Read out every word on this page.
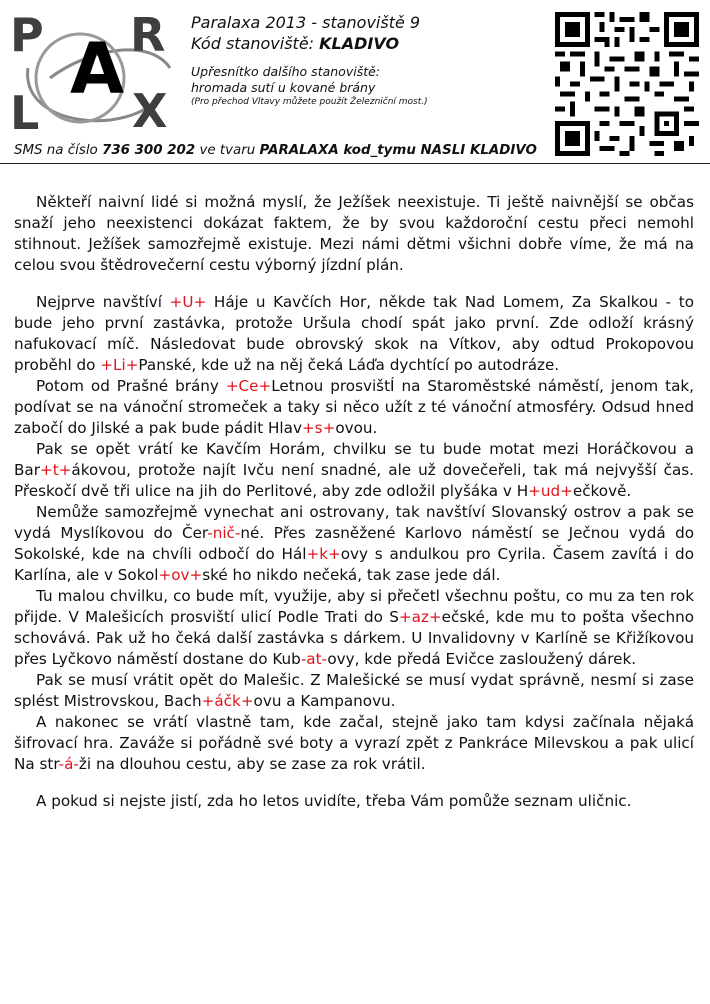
P R
L X
A
Paralaxa 2013 - stanoviště 9
Kód stanoviště: KLADIVO
Upřesnítko dalšího stanoviště:
hromada sutí u kované brány
(Pro přechod Vltavy můžete použít Železniční most.)
SMS na číslo 736 300 202 ve tvaru PARALAXA kod_tymu NASLI KLADIVO

Někteří naivní lidé si možná myslí, že Ježíšek neexistuje. Ti ještě naivnější se občas snaží jeho neexistenci dokázat faktem, že by svou každoroční cestu přeci nemohl stihnout. Ježíšek samozřejmě existuje. Mezi námi dětmi všichni dobře víme, že má na celou svou štědrovečerní cestu výborný jízdní plán.

Nejprve navštíví +U+ Háje u Kavčích Hor, někde tak Nad Lomem, Za Skalkou - to bude jeho první zastávka, protože Uršula chodí spát jako první. Zde odloží krásný nafukovací míč. Následovat bude obrovský skok na Vítkov, aby odtud Prokopovou proběhl do +Li+Panské, kde už na něj čeká Láďa dychtící po autodráze.

Potom od Prašné brány +Ce+Letnou prosvištÍ na Staroměstské náměstí, jenom tak, podívat se na vánoční stromeček a taky si něco užít z té vánoční atmosféry. Odsud hned zabočí do Jilské a pak bude pádit Hlav+s+ovou.

Pak se opět vrátí ke Kavčím Horám, chvilku se tu bude motat mezi Horáčkovou a Bar+t+ákovou, protože najít Ivču není snadné, ale už dovečeřeli, tak má nejvyšší čas. Přeskočí dvě tři ulice na jih do Perlitové, aby zde odložil plyšáka v H+ud+ečkově.

Nemůže samozřejmě vynechat ani ostrovany, tak navštíví Slovanský ostrov a pak se vydá Myslíkovou do Čer-nič-né. Přes zasněžené Karlovo náměstí se Ječnou vydá do Sokolské, kde na chvíli odbočí do Hál+k+ovy s andulkou pro Cyrila. Časem zavítá i do Karlína, ale v Sokol+ov+ské ho nikdo nečeká, tak zase jede dál.

Tu malou chvilku, co bude mít, využije, aby si přečetl všechnu poštu, co mu za ten rok přijde. V Malešicích prosviští ulicí Podle Trati do S+az+ečské, kde mu to pošta všechno schovává. Pak už ho čeká další zastávka s dárkem. U Invalidovny v Karlíně se Křižíkovou přes Lyčkovo náměstí dostane do Kub-at-ovy, kde předá Evičce zasloužený dárek.

Pak se musí vrátit opět do Malešic. Z Malešické se musí vydat správně, nesmí si zase splést Mistrovskou, Bach+áčk+ovu a Kampanovu.

A nakonec se vrátí vlastně tam, kde začal, stejně jako tam kdysi začínala nějaká šifrovací hra. Zaváže si pořádně své boty a vyrazí zpět z Pankráce Milevskou a pak ulicí Na str-á-ži na dlouhou cestu, aby se zase za rok vrátil.

A pokud si nejste jistí, zda ho letos uvidíte, třeba Vám pomůže seznam uličnic.
